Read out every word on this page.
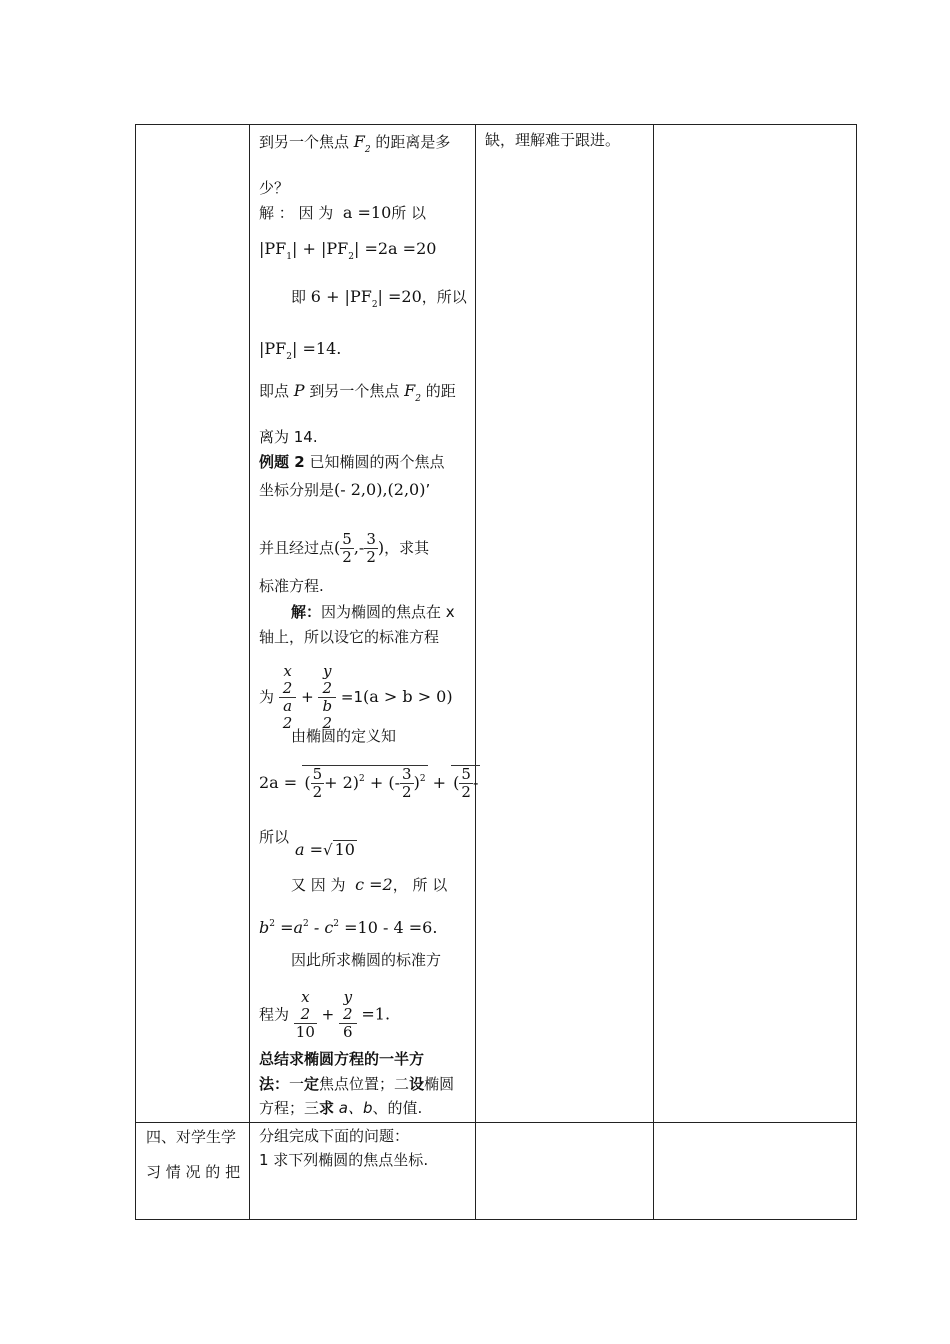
到另一个焦点 $F_2$ 的距离是多
少？
解 ： 因 为 a =10所 以
$|PF_1| + |PF_2| =2a =20$
即 $6 + |PF_2| =20$，所以
$|PF_2| =14$.
即点 P 到另一个焦点 $F_2$ 的距
离为 14.
例题 2 已知椭圆的两个焦点
坐标分别是(- 2,0),(2,0)’
并且经过点( $\frac{5}{2}$ ,- $\frac{3}{2}$ )，求其
标准方程.
解：因为椭圆的焦点在 x
轴上，所以设它的标准方程
为 x
2
a
2 + y
2
b
2 =1(a > b > 0)
由椭圆的定义知
2a = ( $\frac{5}{2} + 2)^2$ + (- $\frac{3}{2} )^2$ + ( $\frac{5}{2}$ -
所以
a =√ 10
又 因 为 c =2， 所 以
$b^2 =a^2 - c^2 =10 - 4 =6$.
因此所求椭圆的标准方
程为 x
2
10 + y
2
6 =1.
总结求椭圆方程的一半方
法：一定焦点位置；二设椭圆
方程；三求 a、b、的值.
缺，理解难于跟进。
四、对学生学
习 情 况 的 把
分组完成下面的问题：
1 求下列椭圆的焦点坐标.
